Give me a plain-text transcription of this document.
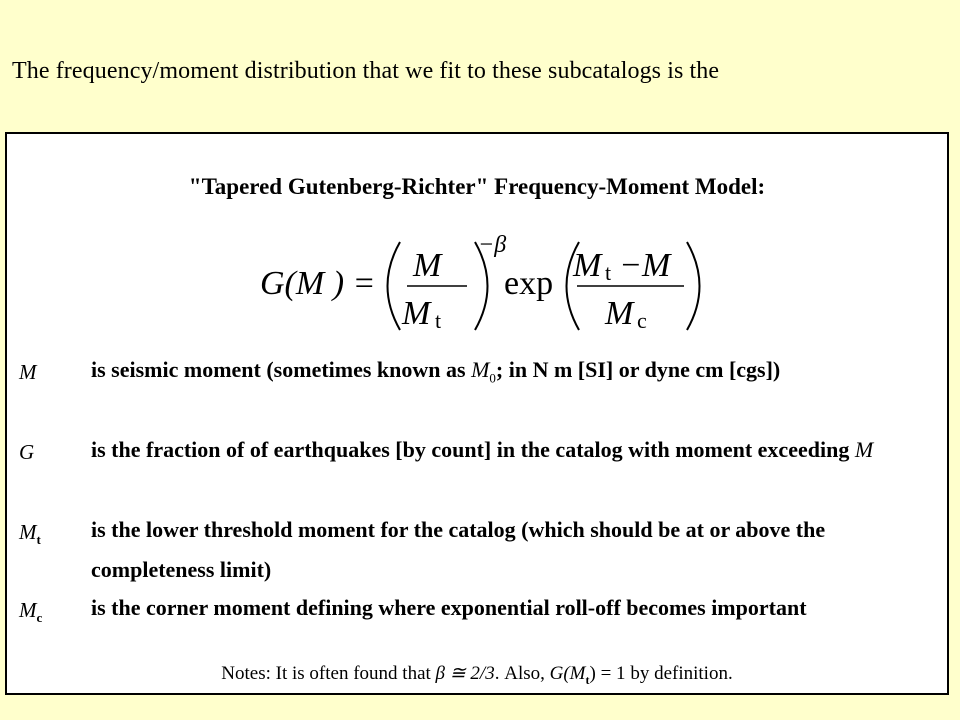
The frequency/moment distribution that we fit to these subcatalogs is the
"Tapered Gutenberg-Richter" Frequency-Moment Model:
G(M ) = M
M t
−β
exp M t −M
M c
M is seismic moment (sometimes known as $M_0$; in N m [SI] or dyne cm [cgs])
G	is the fraction of of earthquakes [by count] in the catalog with moment exceeding M
$M_t$ is the lower threshold moment for the catalog (which should be at or above the completeness limit)
$M_c$ is the corner moment defining where exponential roll-off becomes important
Notes: It is often found that β ≅ 2/3. Also, $G(M_t) = 1$ by definition.
